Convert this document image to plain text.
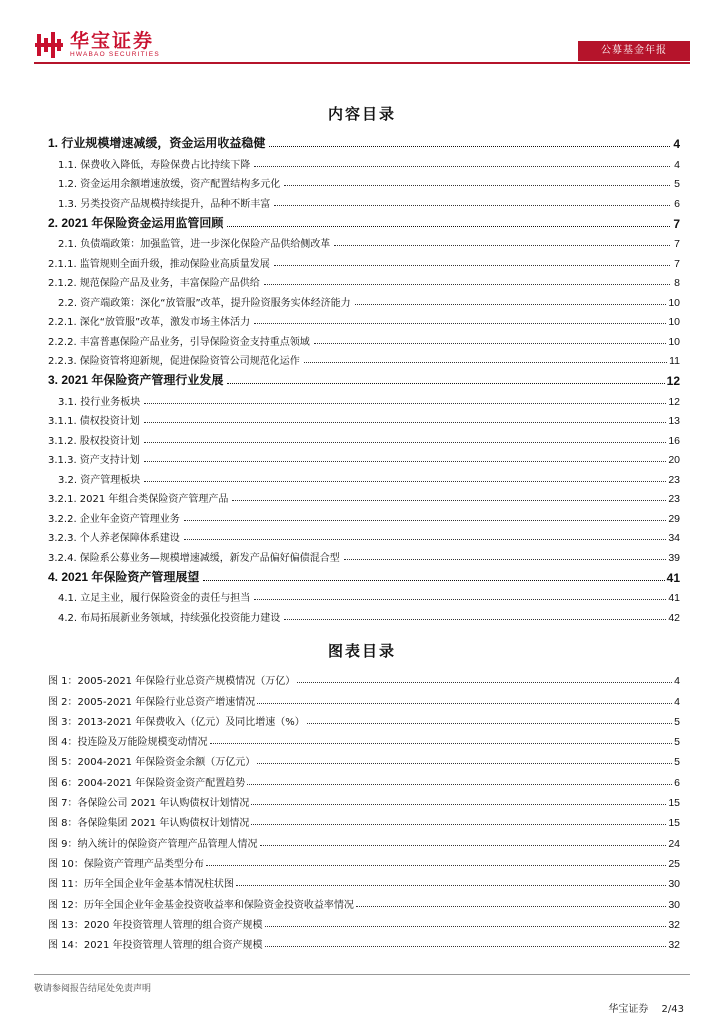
华宝证券
HWABAO SECURITIES	公募基金年报
内容目录
1. 行业规模增速减缓，资金运用收益稳健	4
1.1. 保费收入降低，寿险保费占比持续下降	4
1.2. 资金运用余额增速放缓，资产配置结构多元化	5
1.3. 另类投资产品规模持续提升，品种不断丰富	6
2. 2021 年保险资金运用监管回顾	7
2.1. 负债端政策：加强监管，进一步深化保险产品供给侧改革	7
2.1.1. 监管规则全面升级，推动保险业高质量发展	7
2.1.2. 规范保险产品及业务，丰富保险产品供给	8
2.2. 资产端政策：深化“放管服”改革，提升险资服务实体经济能力	10
2.2.1. 深化“放管服”改革，激发市场主体活力	10
2.2.2. 丰富普惠保险产品业务，引导保险资金支持重点领域	10
2.2.3. 保险资管将迎新规，促进保险资管公司规范化运作	11
3. 2021 年保险资产管理行业发展	12
3.1. 投行业务板块	12
3.1.1. 债权投资计划	13
3.1.2. 股权投资计划	16
3.1.3. 资产支持计划	20
3.2. 资产管理板块	23
3.2.1. 2021 年组合类保险资产管理产品	23
3.2.2. 企业年金资产管理业务	29
3.2.3. 个人养老保障体系建设	34
3.2.4. 保险系公募业务—规模增速减缓，新发产品偏好偏债混合型	39
4. 2021 年保险资产管理展望	41
4.1. 立足主业，履行保险资金的责任与担当	41
4.2. 布局拓展新业务领域，持续强化投资能力建设	42
图表目录
图 1：2005-2021 年保险行业总资产规模情况（万亿）	4
图 2：2005-2021 年保险行业总资产增速情况	4
图 3：2013-2021 年保费收入（亿元）及同比增速（%）	5
图 4：投连险及万能险规模变动情况	5
图 5：2004-2021 年保险资金余额（万亿元）	5
图 6：2004-2021 年保险资金资产配置趋势	6
图 7：各保险公司 2021 年认购债权计划情况	15
图 8：各保险集团 2021 年认购债权计划情况	15
图 9：纳入统计的保险资产管理产品管理人情况	24
图 10：保险资产管理产品类型分布	25
图 11：历年全国企业年金基本情况柱状图	30
图 12：历年全国企业年金基金投资收益率和保险资金投资收益率情况	30
图 13：2020 年投资管理人管理的组合资产规模	32
图 14：2021 年投资管理人管理的组合资产规模	32
敬请参阅报告结尾处免责声明
华宝证券 2/43
